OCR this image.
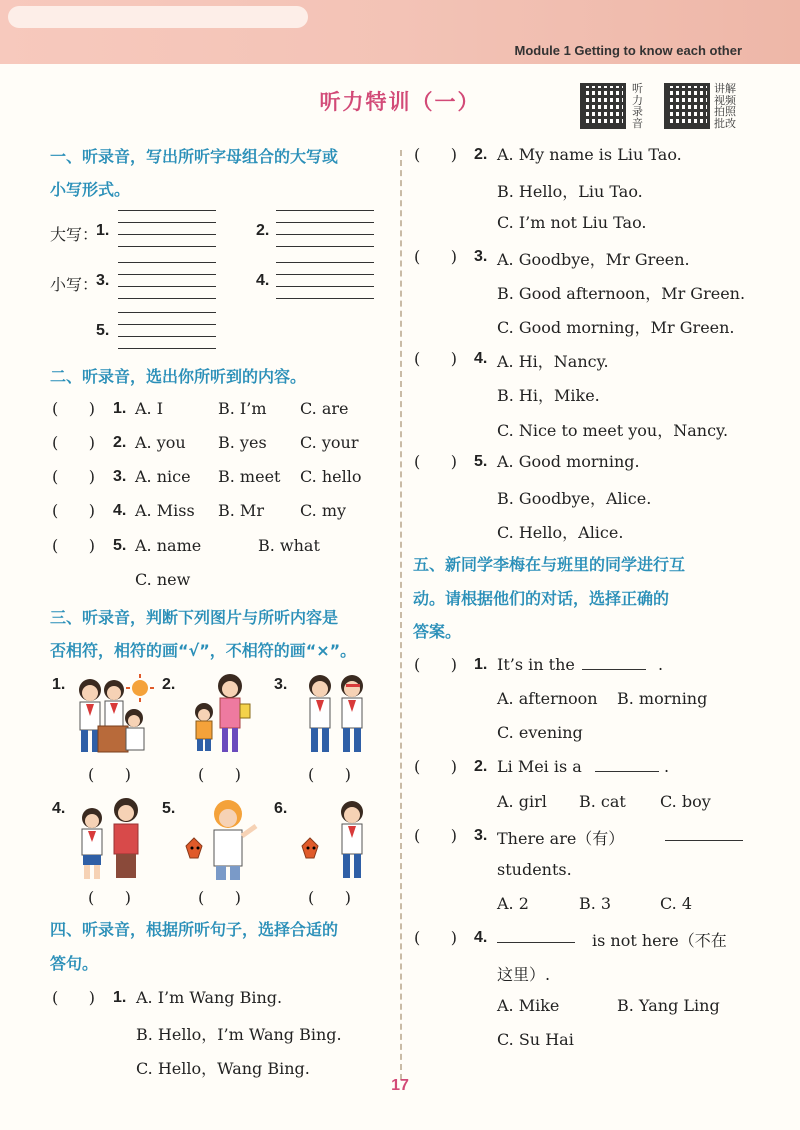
Module 1 Getting to know each other
听力特训（一）
听力录音
讲解视频拍照批改
一、听录音，写出所听字母组合的大写或
小写形式。
大写：
1.	2.
小写：
3.	4.
5.
二、听录音，选出你所听到的内容。
(      ) 1. A. I	B. I’m C. are
(      ) 2. A. you B. yes C. your
(      ) 3. A. nice B. meet C. hello
(      ) 4. A. Miss B. Mr C. my
(      ) 5. A. name	B. what
C. new
三、听录音，判断下列图片与所听内容是
否相符，相符的画“√”，不相符的画“×”。
1.	2.	3.
(      )	(      )	(      )
4.	5.	6.
(      )	(      )	(      )
四、听录音，根据所听句子，选择合适的
答句。
(      ) 1. A. I’m Wang Bing.
B. Hello，I’m Wang Bing.
C. Hello，Wang Bing.
(      ) 2. A. My name is Liu Tao.
B. Hello，Liu Tao.
C. I’m not Liu Tao.
(      ) 3. A. Goodbye，Mr Green.
B. Good afternoon，Mr Green.
C. Good morning，Mr Green.
(      ) 4. A. Hi，Nancy.
B. Hi，Mike.
C. Nice to meet you，Nancy.
(      ) 5. A. Good morning.
B. Goodbye，Alice.
C. Hello，Alice.
五、新同学李梅在与班里的同学进行互
动。请根据他们的对话，选择正确的
答案。
(      ) 1. It’s in the	.
A. afternoon B. morning
C. evening
(      ) 2. Li Mei is a	.
A. girl B. cat C. boy
(      ) 3. There are（有）
students.
A. 2	B. 3	C. 4
(      ) 4.	is not here（不在
这里）.
A. Mike	B. Yang Ling
C. Su Hai
17
